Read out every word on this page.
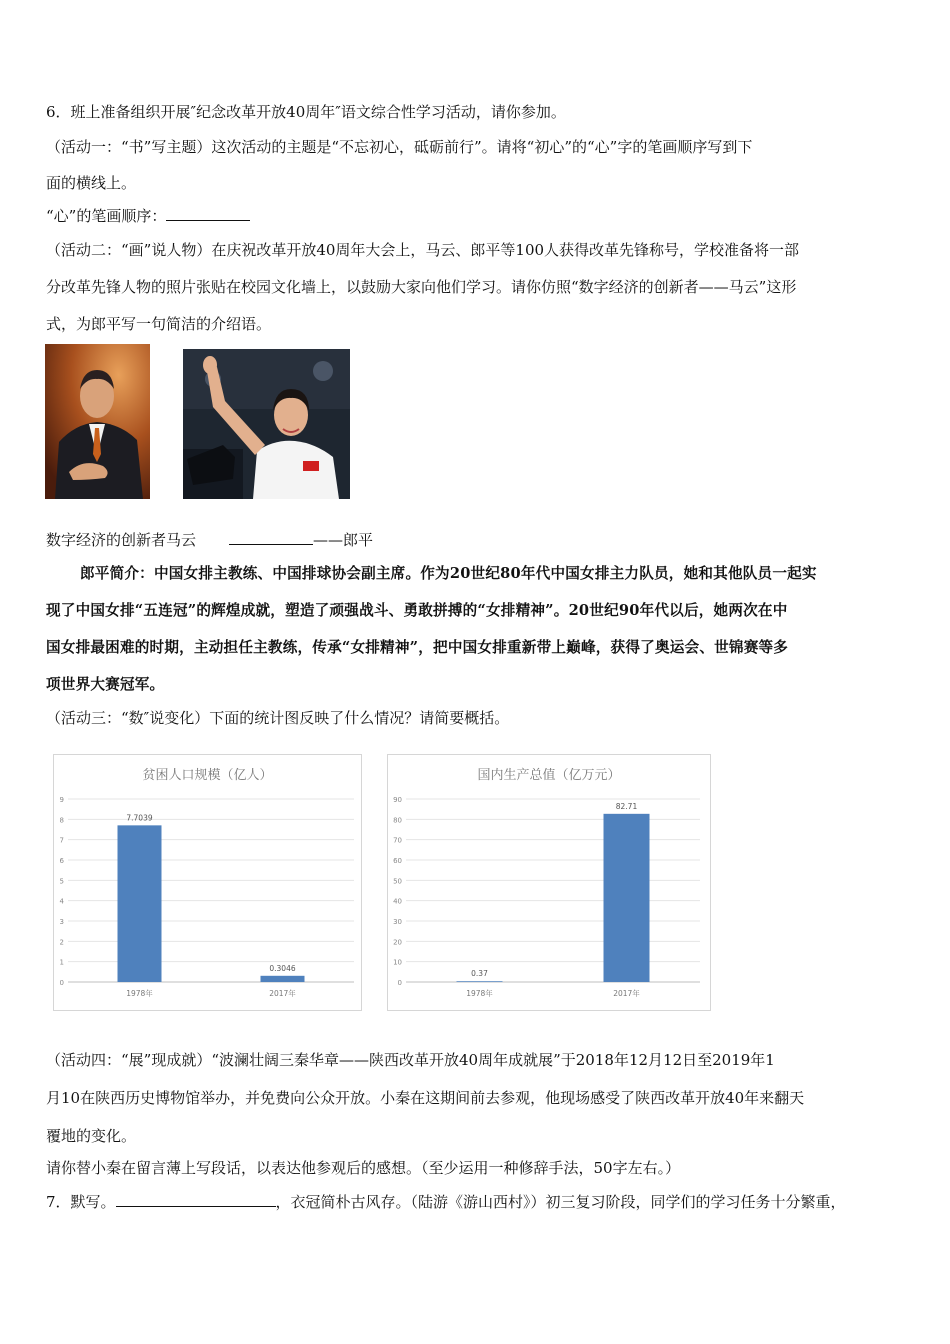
6．班上准备组织开展″纪念改革开放40周年″语文综合性学习活动，请你参加。
（活动一：“书”写主题）这次活动的主题是“不忘初心，砥砺前行”。请将“初心”的“心”字的笔画顺序写到下
面的横线上。
“心”的笔画顺序：
（活动二：“画”说人物）在庆祝改革开放40周年大会上，马云、郎平等100人获得改革先锋称号，学校准备将一部
分改革先锋人物的照片张贴在校园文化墙上，以鼓励大家向他们学习。请你仿照“数字经济的创新者——马云”这形
式，为郎平写一句简洁的介绍语。
数字经济的创新者马云	——郎平
郎平简介：中国女排主教练、中国排球协会副主席。作为20世纪80年代中国女排主力队员，她和其他队员一起实
现了中国女排“五连冠”的辉煌成就，塑造了顽强战斗、勇敢拼搏的“女排精神”。20世纪90年代以后，她两次在中
国女排最困难的时期，主动担任主教练，传承“女排精神”，把中国女排重新带上巅峰，获得了奥运会、世锦赛等多
项世界大赛冠军。
（活动三：“数″说变化）下面的统计图反映了什么情况？请简要概括。
贫困人口规模（亿人）
0
1
2
3
4
5
6
7
8
9
7.7039
1978年
0.3046
2017年
国内生产总值（亿万元）
0
10
20
30
40
50
60
70
80
90
0.37
1978年
82.71
2017年
（活动四：“展”现成就）“波澜壮阔三秦华章——陕西改革开放40周年成就展”于2018年12月12日至2019年1
月10在陕西历史博物馆举办，并免费向公众开放。小秦在这期间前去参观，他现场感受了陕西改革开放40年来翻天
覆地的变化。
请你替小秦在留言薄上写段话，以表达他参观后的感想。（至少运用一种修辞手法，50字左右。）
7．默写。	，衣冠简朴古风存。（陆游《游山西村》）初三复习阶段，同学们的学习任务十分繁重，
